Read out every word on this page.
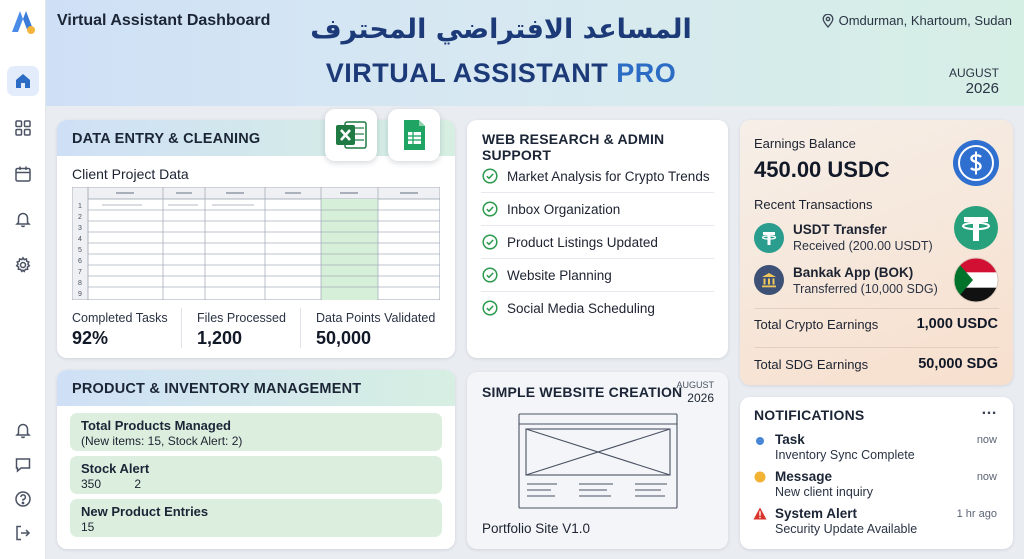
Virtual Assistant Dashboard	المساعد الافتراضي المحترف
VIRTUAL ASSISTANT PRO
Omdurman, Khartoum, Sudan
AUGUST
2026
DATA ENTRY & CLEANING
Client Project Data
1
2
3
4
5
6
7
8
9
Completed Tasks
92%
Files Processed
1,200
Data Points Validated
50,000
WEB RESEARCH & ADMIN SUPPORT
Market Analysis for Crypto Trends
Inbox Organization
Product Listings Updated
Website Planning
Social Media Scheduling
Earnings Balance
450.00 USDC
Recent Transactions
USDT Transfer
Received (200.00 USDT)
Bankak App (BOK)
Transferred (10,000 SDG)
Total Crypto Earnings	1,000 USDC
Total SDG Earnings	50,000 SDG
PRODUCT & INVENTORY MANAGEMENT
Total Products Managed
(New items: 15, Stock Alert: 2)
Stock Alert
350          2
New Product Entries
15
SIMPLE WEBSITE CREATION
AUGUST
2026
Portfolio Site V1.0
NOTIFICATIONS	…
Task
Inventory Sync Complete
now
Message
New client inquiry
now
System Alert
Security Update Available
1 hr ago
